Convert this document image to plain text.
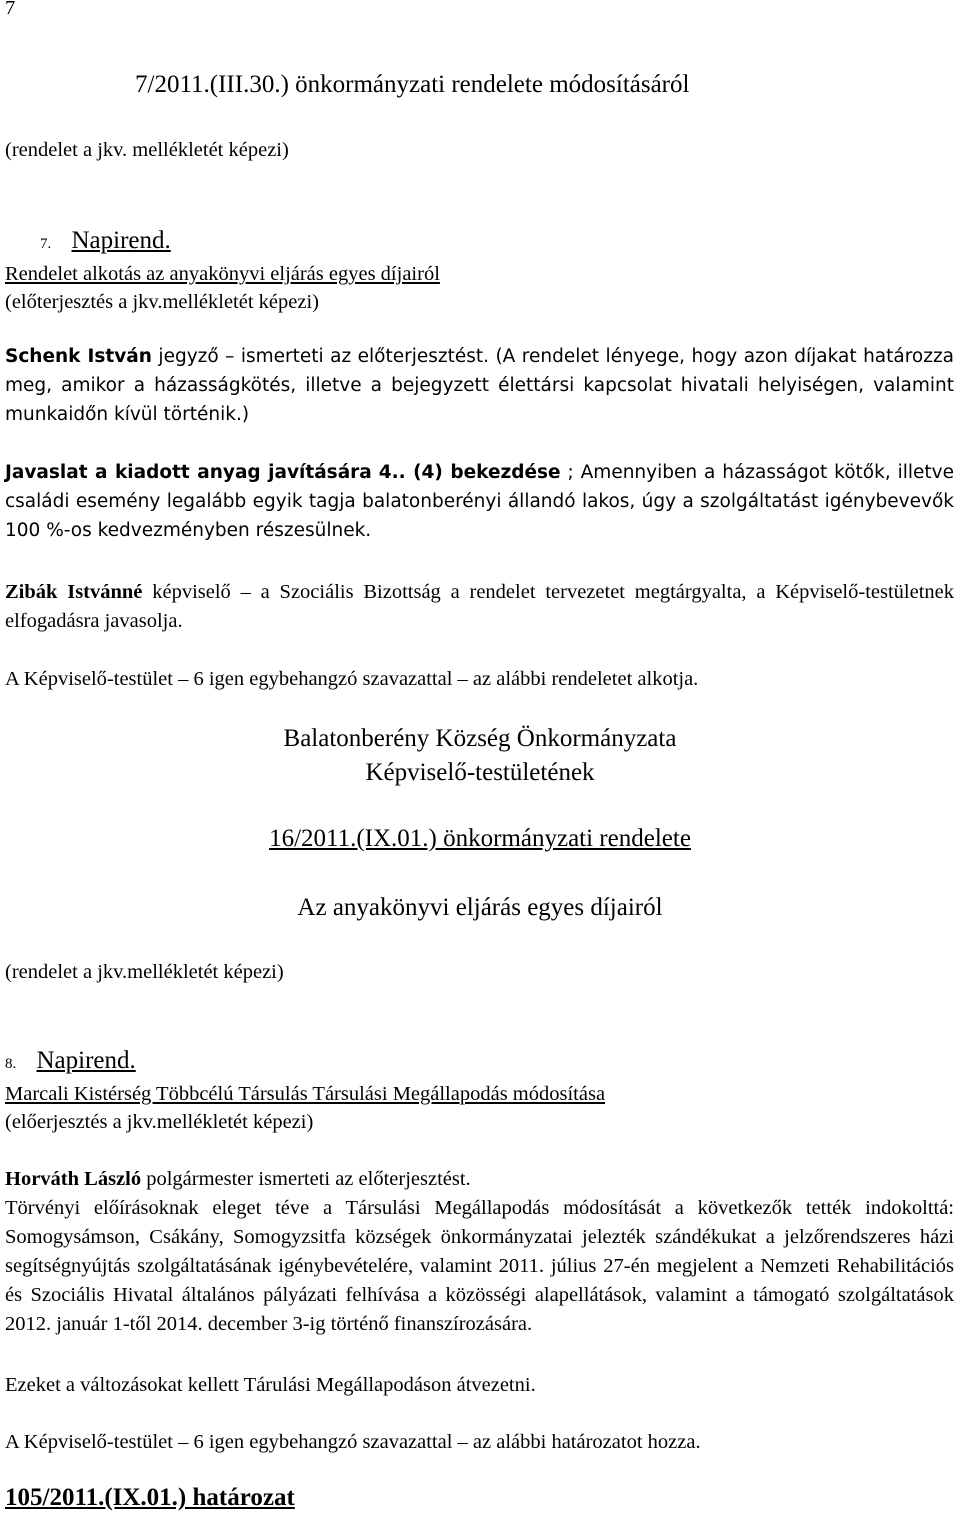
7
7/2011.(III.30.) önkormányzati rendelete módosításáról
(rendelet a jkv. mellékletét képezi)
7. Napirend.
Rendelet alkotás az anyakönyvi eljárás egyes díjairól
(előterjesztés a jkv.mellékletét képezi)
Schenk István jegyző – ismerteti az előterjesztést. (A rendelet lényege, hogy azon díjakat határozza meg, amikor a házasságkötés, illetve a bejegyzett élettársi kapcsolat hivatali helyiségen, valamint munkaidőn kívül történik.)
Javaslat a kiadott anyag javítására 4.. (4) bekezdése ; Amennyiben a házasságot kötők, illetve családi esemény legalább egyik tagja balatonberényi állandó lakos, úgy a szolgáltatást igénybevevők 100 %-os kedvezményben részesülnek.
Zibák Istvánné képviselő – a Szociális Bizottság a rendelet tervezetet megtárgyalta, a Képviselő-testületnek elfogadásra javasolja.
A Képviselő-testület – 6 igen egybehangzó szavazattal – az alábbi rendeletet alkotja.
Balatonberény Község Önkormányzata
Képviselő-testületének
16/2011.(IX.01.) önkormányzati rendelete
Az anyakönyvi eljárás egyes díjairól
(rendelet a jkv.mellékletét képezi)
8. Napirend.
Marcali Kistérség Többcélú Társulás Társulási Megállapodás módosítása
(előerjesztés a jkv.mellékletét képezi)
Horváth László polgármester ismerteti az előterjesztést.
Törvényi előírásoknak eleget téve a Társulási Megállapodás módosítását a következők tették indokolttá: Somogysámson, Csákány, Somogyzsitfa községek önkormányzatai jelezték szándékukat a jelzőrendszeres házi segítségnyújtás szolgáltatásának igénybevételére, valamint 2011. július 27-én megjelent a Nemzeti Rehabilitációs és Szociális Hivatal általános pályázati felhívása a közösségi alapellátások, valamint a támogató szolgáltatások 2012. január 1-től 2014. december 3-ig történő finanszírozására.
Ezeket a változásokat kellett Tárulási Megállapodáson átvezetni.
A Képviselő-testület – 6 igen egybehangzó szavazattal – az alábbi határozatot hozza.
105/2011.(IX.01.) határozat
